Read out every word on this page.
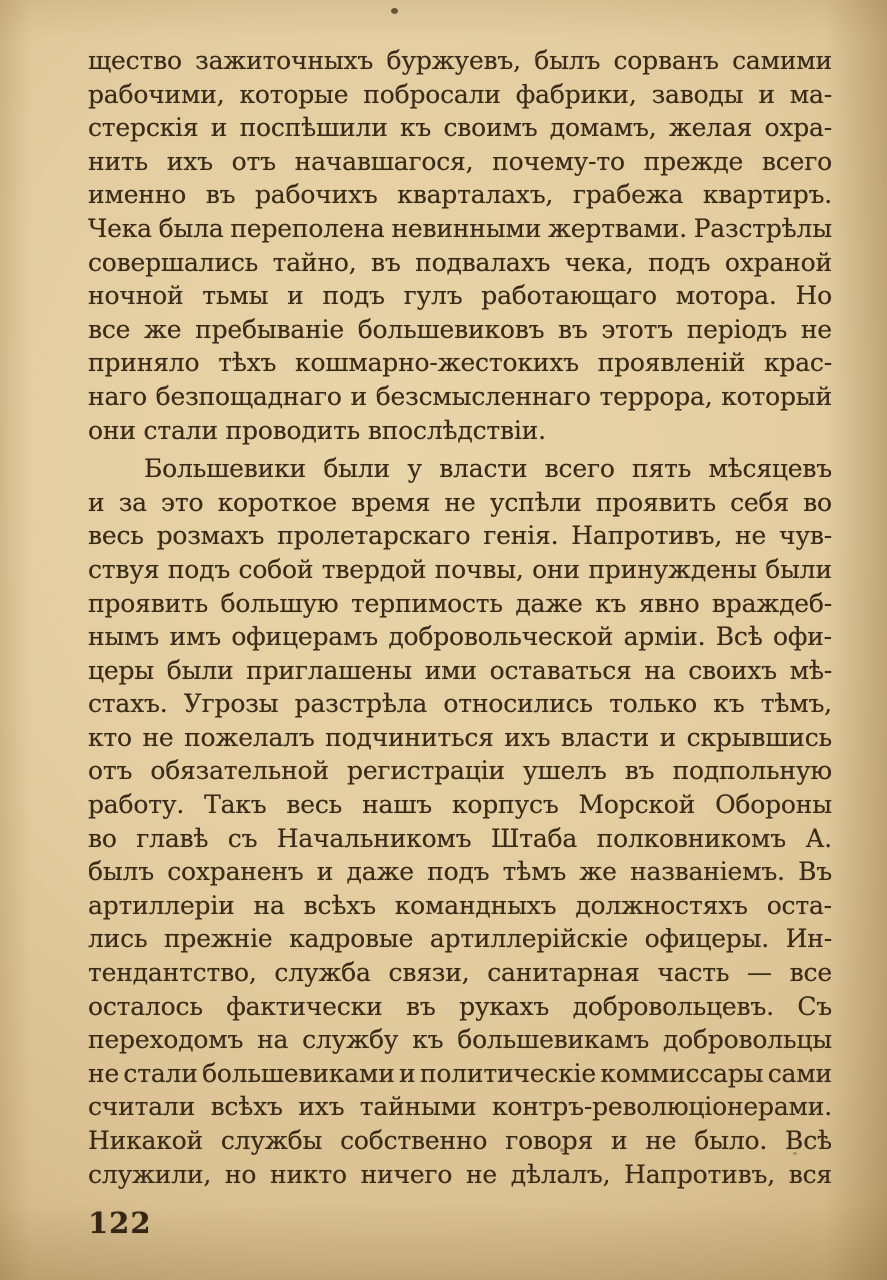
щество зажиточныхъ буржуевъ, былъ сорванъ самими
рабочими, которые побросали фабрики, заводы и ма-
стерскія и поспѣшили къ своимъ домамъ, желая охра-
нить ихъ отъ начавшагося, почему-то прежде всего
именно въ рабочихъ кварталахъ, грабежа квартиръ.
Чека была переполена невинными жертвами. Разстрѣлы
совершались тайно, въ подвалахъ чека, подъ охраной
ночной тьмы и подъ гулъ работающаго мотора. Но
все же пребываніе большевиковъ въ этотъ періодъ не
приняло тѣхъ кошмарно-жестокихъ проявленій крас-
наго безпощаднаго и безсмысленнаго террора, который
они стали проводить впослѣдствіи.
Большевики были у власти всего пять мѣсяцевъ
и за это короткое время не успѣли проявить себя во
весь розмахъ пролетарскаго генія. Напротивъ, не чув-
ствуя подъ собой твердой почвы, они принуждены были
проявить большую терпимость даже къ явно враждеб-
нымъ имъ офицерамъ добровольческой арміи. Всѣ офи-
церы были приглашены ими оставаться на своихъ мѣ-
стахъ. Угрозы разстрѣла относились только къ тѣмъ,
кто не пожелалъ подчиниться ихъ власти и скрывшись
отъ обязательной регистраціи ушелъ въ подпольную
работу. Такъ весь нашъ корпусъ Морской Обороны
во главѣ съ Начальникомъ Штаба полковникомъ А.
былъ сохраненъ и даже подъ тѣмъ же названіемъ. Въ
артиллеріи на всѣхъ командныхъ должностяхъ оста-
лись прежніе кадровые артиллерійскіе офицеры. Ин-
тендантство, служба связи, санитарная часть — все
осталось фактически въ рукахъ добровольцевъ. Съ
переходомъ на службу къ большевикамъ добровольцы
не стали большевиками и политическіе коммиссары сами
считали всѣхъ ихъ тайными контръ-революціонерами.
Никакой службы собственно говоря и не было. Всѣ
служили, но никто ничего не дѣлалъ, Напротивъ, вся
122
